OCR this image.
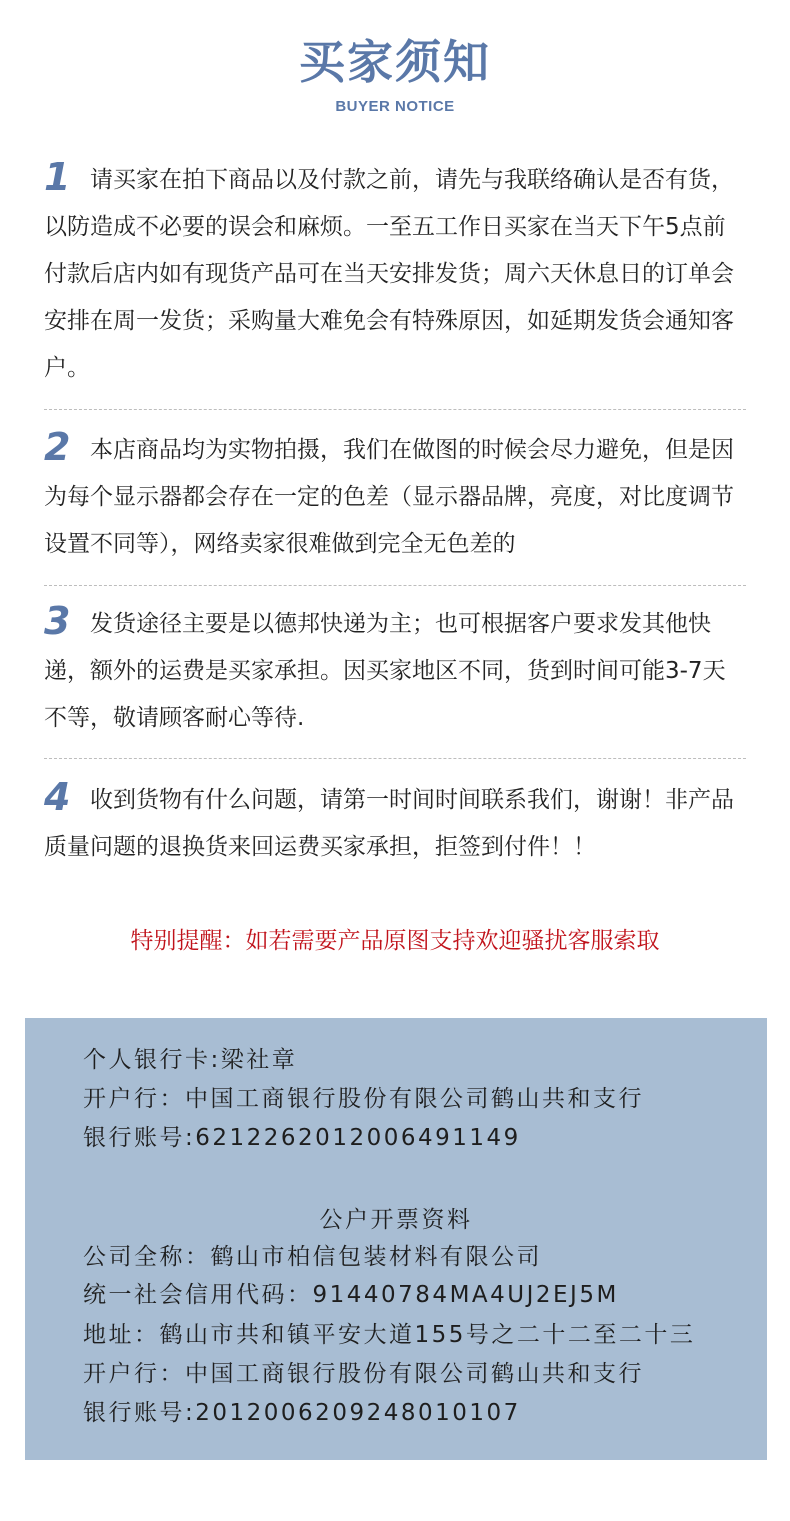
买家须知
BUYER NOTICE
1 请买家在拍下商品以及付款之前，请先与我联络确认是否有货，以防造成不必要的误会和麻烦。一至五工作日买家在当天下午5点前付款后店内如有现货产品可在当天安排发货；周六天休息日的订单会安排在周一发货；采购量大难免会有特殊原因，如延期发货会通知客户。
2 本店商品均为实物拍摄，我们在做图的时候会尽力避免，但是因为每个显示器都会存在一定的色差（显示器品牌，亮度，对比度调节设置不同等），网络卖家很难做到完全无色差的
3 发货途径主要是以德邦快递为主；也可根据客户要求发其他快递，额外的运费是买家承担。因买家地区不同，货到时间可能3-7天不等，敬请顾客耐心等待.
4 收到货物有什么问题，请第一时间时间联系我们，谢谢！非产品质量问题的退换货来回运费买家承担，拒签到付件！！
特别提醒：如若需要产品原图支持欢迎骚扰客服索取
个人银行卡:梁社章
开户行：中国工商银行股份有限公司鹤山共和支行
银行账号:6212262012006491149
公户开票资料
公司全称：鹤山市柏信包装材料有限公司
统一社会信用代码：91440784MA4UJ2EJ5M
地址：鹤山市共和镇平安大道155号之二十二至二十三
开户行：中国工商银行股份有限公司鹤山共和支行
银行账号:2012006209248010107
